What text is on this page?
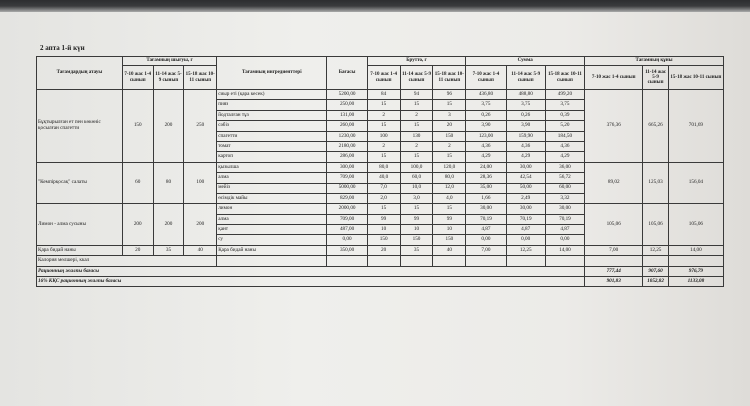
2 апта 1-й күн
Тағамдардың атауы	Тағамның шығуы, г			Тағамның ингредиенттері	Бағасы	Брутто, г			Сумма			Тағамның құны		
	7-10 жас 1-4 сынып	11-14 жас 5-9 сынып	15-18 жас 10-11 сынып			7-10 жас 1-4 сынып	11-14 жас 5-9 сынып	15-18 жас 10-11 сынып	7-10 жас 1-4 сынып	11-14 жас 5-9 сынып	15-18 жас 10-11 сынып	7-10 жас 1-4 сынып	11-14 жас 5-9 сынып	15-18 жас 10-11 сынып
Бұқтырылған ет пен көкөніс қосылған спагетти	150	200	250	сиыр еті (қара кесек)	5200,00	84	94	96	436,80	488,80	499,20	376,36	665,26	701,69
				пияз	250,00	15	15	15	3,75	3,75	3,75			
				йодталған тұз	131,00	2	2	3	0,26	0,26	0,39			
				сәбіз	260,00	15	15	20	3,90	3,90	5,20			
				спагетти	1230,00	100	130	150	123,00	159,90	184,50			
				томат	2180,00	2	2	2	4,36	4,36	4,36			
				картоп	286,00	15	15	15	4,29	4,29	4,29			
"Кемпірқосақ" салаты	60	80	100	қызылша	300,00	80,0	100,0	120,0	24,00	30,00	36,00	89,02	125,03	156,04
				алма	709,00	40,0	60,0	80,0	28,36	42,54	56,72			
				мейіз	5000,00	7,0	10,0	12,0	35,00	50,00	60,00			
				өсімдік майы	829,00	2,0	3,0	4,0	1,66	2,49	3,32			
Лимон - алма сусыны	200	200	200	лимон	2000,00	15	15	15	30,00	30,00	30,00	105,06	105,06	105,06
				алма	709,00	99	99	99	70,19	70,19	70,19			
				қант	487,00	10	10	10	4,87	4,87	4,87			
				су	0,00	150	150	150	0,00	0,00	0,00			
Қара бидай наны	20	35	40	Қара бидай наны	350,00	20	35	40	7,00	12,25	14,00	7,00	12,25	14,00
Калория мөлшері, ккал														
Рационның жалпы бағасы												777,44	907,60	976,79
16% КҚС рационның жалпы бағасы												901,83	1052,82	1133,08
